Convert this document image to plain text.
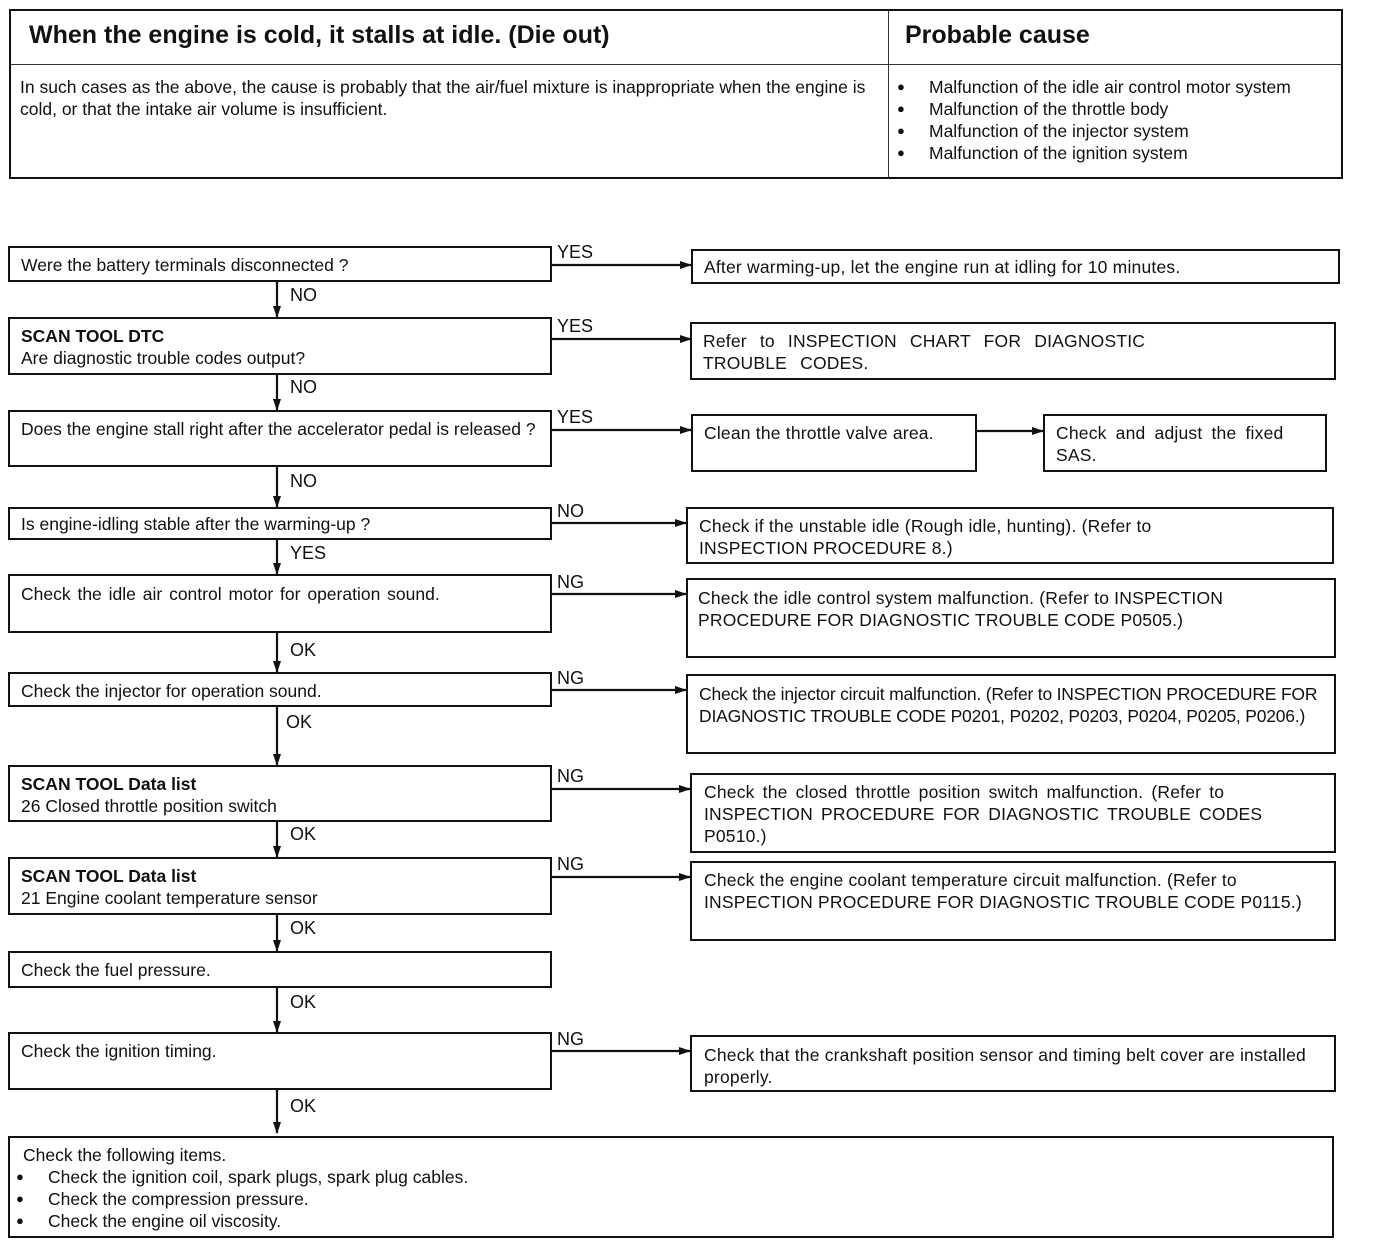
When the engine is cold, it stalls at idle. (Die out)	Probable cause
In such cases as the above, the cause is probably that the air/fuel mixture is inappropriate when the engine is cold, or that the intake air volume is insufficient.
● Malfunction of the idle air control motor system
● Malfunction of the throttle body
● Malfunction of the injector system
● Malfunction of the ignition system
Were the battery terminals disconnected ?
YES
NO
After warming-up, let the engine run at idling for 10 minutes.
SCAN TOOL DTC
Are diagnostic trouble codes output?
YES
NO
Refer to INSPECTION CHART FOR DIAGNOSTIC TROUBLE CODES.
Does the engine stall right after the accelerator pedal is released ?
YES
NO
Clean the throttle valve area.	Check and adjust the fixed SAS.
Is engine-idling stable after the warming-up ?
NO
YES
Check if the unstable idle (Rough idle, hunting). (Refer to INSPECTION PROCEDURE 8.)
Check the idle air control motor for operation sound.
NG
OK
Check the idle control system malfunction. (Refer to INSPECTION PROCEDURE FOR DIAGNOSTIC TROUBLE CODE P0505.)
Check the injector for operation sound.
NG
OK
Check the injector circuit malfunction. (Refer to INSPECTION PROCEDURE FOR DIAGNOSTIC TROUBLE CODE P0201, P0202, P0203, P0204, P0205, P0206.)
SCAN TOOL Data list
26 Closed throttle position switch
NG
OK
Check the closed throttle position switch malfunction. (Refer to INSPECTION PROCEDURE FOR DIAGNOSTIC TROUBLE CODES P0510.)
SCAN TOOL Data list
21 Engine coolant temperature sensor
NG
OK
Check the engine coolant temperature circuit malfunction. (Refer to INSPECTION PROCEDURE FOR DIAGNOSTIC TROUBLE CODE P0115.)
Check the fuel pressure.
OK
Check the ignition timing.
NG
OK
Check that the crankshaft position sensor and timing belt cover are installed properly.
Check the following items.
● Check the ignition coil, spark plugs, spark plug cables.
● Check the compression pressure.
● Check the engine oil viscosity.
